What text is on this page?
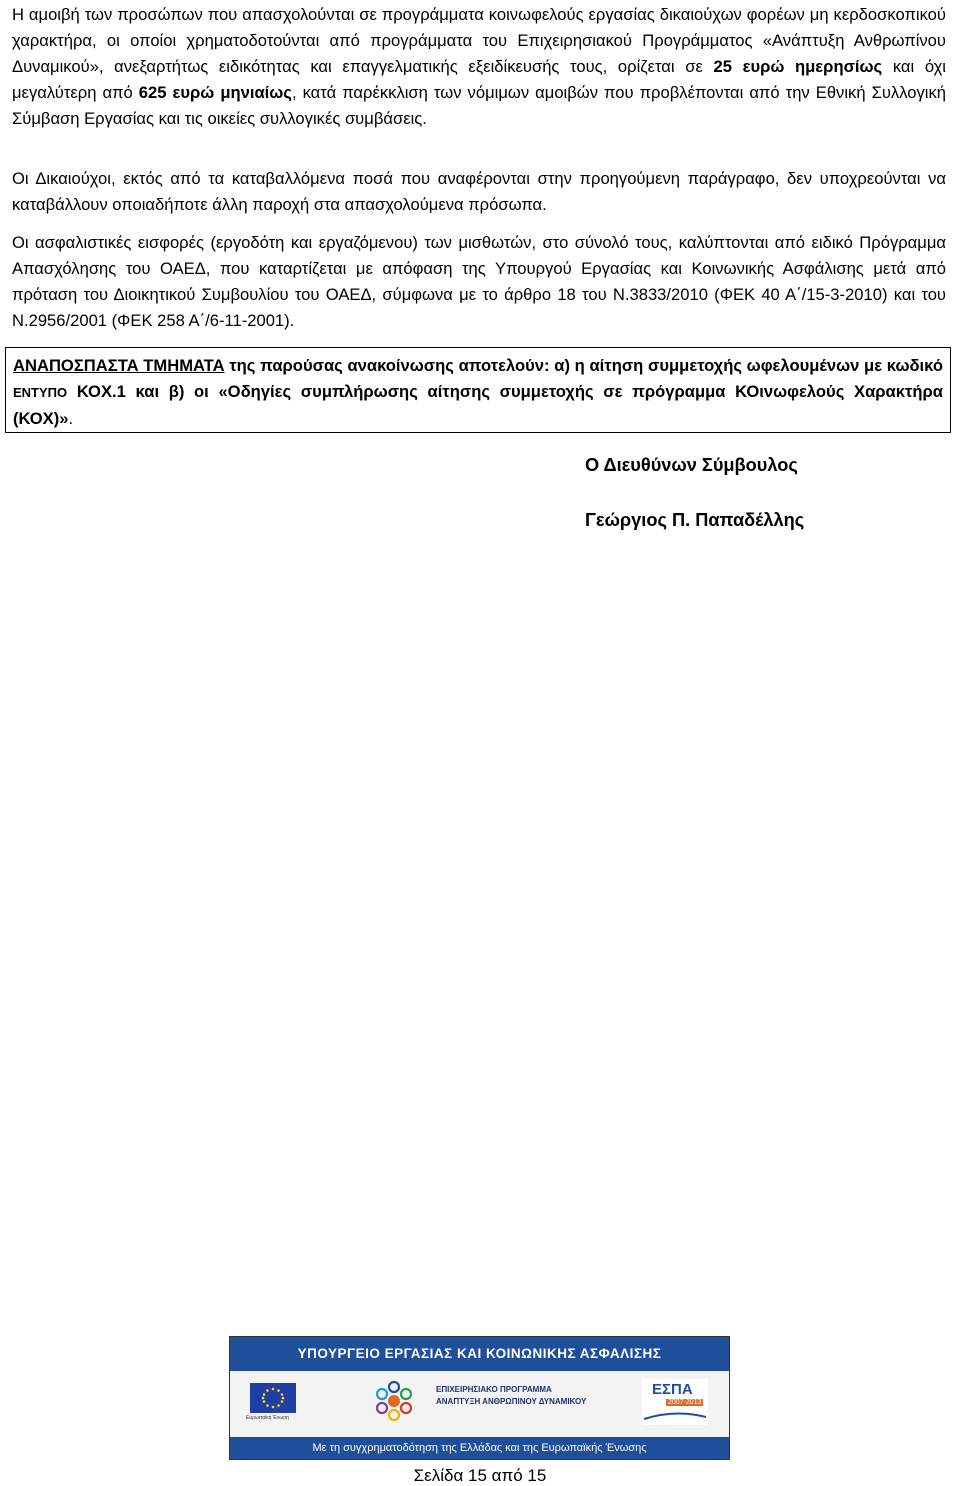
Η αμοιβή των προσώπων που απασχολούνται σε προγράμματα κοινωφελούς εργασίας δικαιούχων φορέων μη κερδοσκοπικού χαρακτήρα, οι οποίοι χρηματοδοτούνται από προγράμματα του Επιχειρησιακού Προγράμματος «Ανάπτυξη Ανθρωπίνου Δυναμικού», ανεξαρτήτως ειδικότητας και επαγγελματικής εξειδίκευσής τους, ορίζεται σε 25 ευρώ ημερησίως και όχι μεγαλύτερη από 625 ευρώ μηνιαίως, κατά παρέκκλιση των νόμιμων αμοιβών που προβλέπονται από την Εθνική Συλλογική Σύμβαση Εργασίας και τις οικείες συλλογικές συμβάσεις.

Οι Δικαιούχοι, εκτός από τα καταβαλλόμενα ποσά που αναφέρονται στην προηγούμενη παράγραφο, δεν υποχρεούνται να καταβάλλουν οποιαδήποτε άλλη παροχή στα απασχολούμενα πρόσωπα.

Οι ασφαλιστικές εισφορές (εργοδότη και εργαζόμενου) των μισθωτών, στο σύνολό τους, καλύπτονται από ειδικό Πρόγραμμα Απασχόλησης του ΟΑΕΔ, που καταρτίζεται με απόφαση της Υπουργού Εργασίας και Κοινωνικής Ασφάλισης μετά από πρόταση του Διοικητικού Συμβουλίου του ΟΑΕΔ, σύμφωνα με το άρθρο 18 του Ν.3833/2010 (ΦΕΚ 40 Α΄/15-3-2010) και του Ν.2956/2001 (ΦΕΚ 258 Α΄/6-11-2001).

ΑΝΑΠΟΣΠΑΣΤΑ ΤΜΗΜΑΤΑ της παρούσας ανακοίνωσης αποτελούν: α) η αίτηση συμμετοχής ωφελουμένων με κωδικό ΕΝΤΥΠΟ ΚΟΧ.1 και β) οι «Οδηγίες συμπλήρωσης αίτησης συμμετοχής σε πρόγραμμα ΚΟινωφελούς Χαρακτήρα (ΚΟΧ)».

Ο Διευθύνων Σύμβουλος
Γεώργιος Π. Παπαδέλλης
ΥΠΟΥΡΓΕΙΟ ΕΡΓΑΣΙΑΣ ΚΑΙ ΚΟΙΝΩΝΙΚΗΣ ΑΣΦΑΛΙΣΗΣ
Ευρωπαϊκή Ένωση
ΕΠΙΧΕΙΡΗΣΙΑΚΟ ΠΡΟΓΡΑΜΜΑ
ΑΝΑΠΤΥΞΗ ΑΝΘΡΩΠΙΝΟΥ ΔΥΝΑΜΙΚΟΥ
ΕΣΠΑ
2007-2013
Με τη συγχρηματοδότηση της Ελλάδας και της Ευρωπαϊκής Ένωσης
Σελίδα 15 από 15
